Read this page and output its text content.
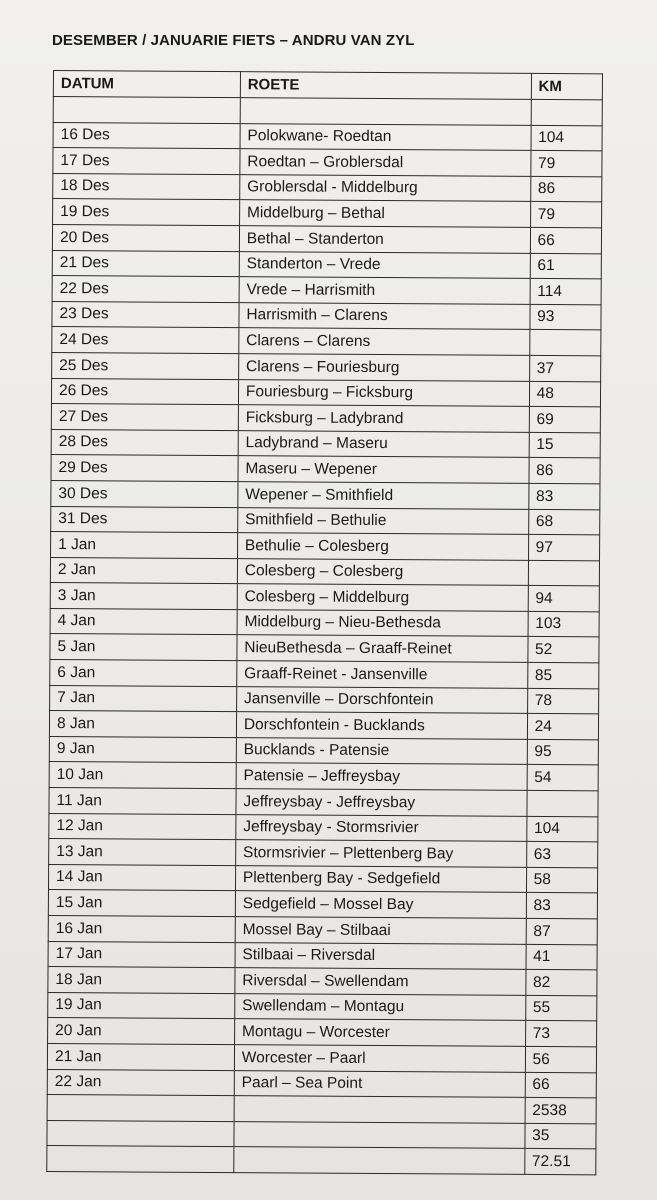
DESEMBER / JANUARIE FIETS – ANDRU VAN ZYL
DATUM	ROETE	KM

16 Des	Polokwane- Roedtan	104
17 Des	Roedtan – Groblersdal	79
18 Des	Groblersdal - Middelburg	86
19 Des	Middelburg – Bethal	79
20 Des	Bethal – Standerton	66
21 Des	Standerton – Vrede	61
22 Des	Vrede – Harrismith	114
23 Des	Harrismith – Clarens	93
24 Des	Clarens – Clarens	
25 Des	Clarens – Fouriesburg	37
26 Des	Fouriesburg – Ficksburg	48
27 Des	Ficksburg – Ladybrand	69
28 Des	Ladybrand – Maseru	15
29 Des	Maseru – Wepener	86
30 Des	Wepener – Smithfield	83
31 Des	Smithfield – Bethulie	68
1 Jan	Bethulie – Colesberg	97
2 Jan	Colesberg – Colesberg	
3 Jan	Colesberg – Middelburg	94
4 Jan	Middelburg – Nieu-Bethesda	103
5 Jan	NieuBethesda – Graaff-Reinet	52
6 Jan	Graaff-Reinet - Jansenville	85
7 Jan	Jansenville – Dorschfontein	78
8 Jan	Dorschfontein - Bucklands	24
9 Jan	Bucklands - Patensie	95
10 Jan	Patensie – Jeffreysbay	54
11 Jan	Jeffreysbay - Jeffreysbay	
12 Jan	Jeffreysbay - Stormsrivier	104
13 Jan	Stormsrivier – Plettenberg Bay	63
14 Jan	Plettenberg Bay - Sedgefield	58
15 Jan	Sedgefield – Mossel Bay	83
16 Jan	Mossel Bay – Stilbaai	87
17 Jan	Stilbaai – Riversdal	41
18 Jan	Riversdal – Swellendam	82
19 Jan	Swellendam – Montagu	55
20 Jan	Montagu – Worcester	73
21 Jan	Worcester – Paarl	56
22 Jan	Paarl – Sea Point	66
		2538
		35
		72.51
